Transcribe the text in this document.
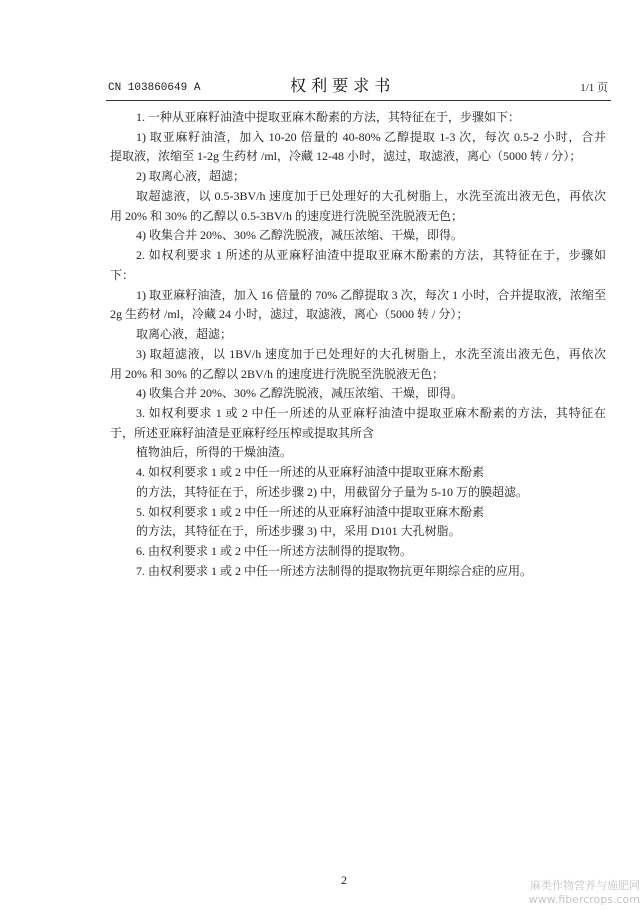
CN 103860649 A	权 利 要 求 书	1/1 页
1. 一种从亚麻籽油渣中提取亚麻木酚素的方法，其特征在于，步骤如下：
1) 取亚麻籽油渣，加入 10-20 倍量的 40-80% 乙醇提取 1-3 次，每次 0.5-2 小时，合并
提取液，浓缩至 1-2g 生药材 /ml，冷藏 12-48 小时，滤过，取滤液，离心（5000 转 / 分）；
2) 取离心液，超滤；
取超滤液，以 0.5-3BV/h 速度加于已处理好的大孔树脂上，水洗至流出液无色，再依次
用 20% 和 30% 的乙醇以 0.5-3BV/h 的速度进行洗脱至洗脱液无色；
4) 收集合并 20%、30% 乙醇洗脱液，减压浓缩、干燥，即得。
2. 如权利要求 1 所述的从亚麻籽油渣中提取亚麻木酚素的方法，其特征在于，步骤如
下：
1) 取亚麻籽油渣，加入 16 倍量的 70% 乙醇提取 3 次，每次 1 小时，合并提取液，浓缩至
2g 生药材 /ml，冷藏 24 小时，滤过，取滤液，离心（5000 转 / 分）；
取离心液，超滤；
3) 取超滤液，以 1BV/h 速度加于已处理好的大孔树脂上，水洗至流出液无色，再依次
用 20% 和 30% 的乙醇以 2BV/h 的速度进行洗脱至洗脱液无色；
4) 收集合并 20%、30% 乙醇洗脱液，减压浓缩、干燥，即得。
3. 如权利要求 1 或 2 中任一所述的从亚麻籽油渣中提取亚麻木酚素的方法，其特征在
于，所述亚麻籽油渣是亚麻籽经压榨或提取其所含
植物油后，所得的干燥油渣。
4. 如权利要求 1 或 2 中任一所述的从亚麻籽油渣中提取亚麻木酚素
的方法，其特征在于，所述步骤 2) 中，用截留分子量为 5-10 万的膜超滤。
5. 如权利要求 1 或 2 中任一所述的从亚麻籽油渣中提取亚麻木酚素
的方法，其特征在于，所述步骤 3) 中，采用 D101 大孔树脂。
6. 由权利要求 1 或 2 中任一所述方法制得的提取物。
7. 由权利要求 1 或 2 中任一所述方法制得的提取物抗更年期综合症的应用。
2	麻类作物营养与施肥网
www.fibercrops.com
